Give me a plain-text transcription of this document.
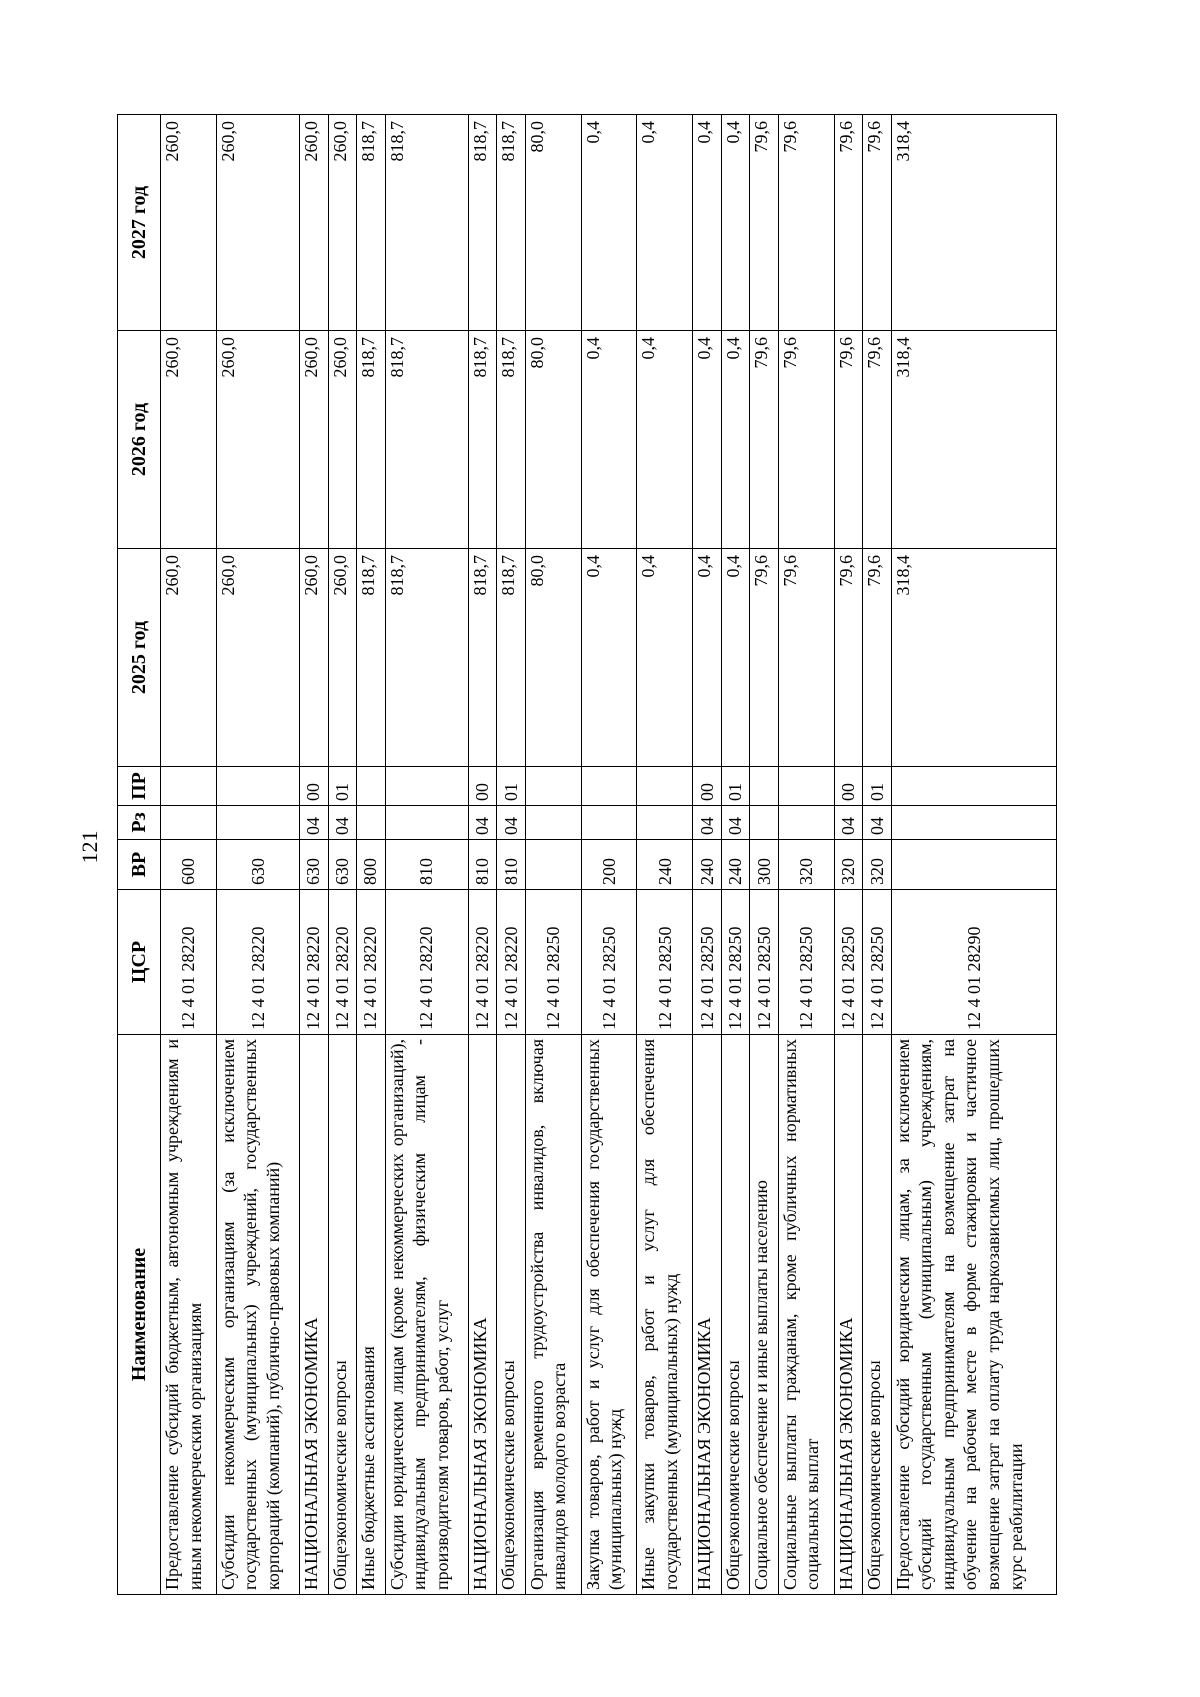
121
Наименование	ЦСР	ВР	Рз	ПР	2025 год	2026 год	2027 год
Предоставление субсидий бюджетным, автономным учреждениям и иным некоммерческим организациям	12 4 01 28220	600			260,0	260,0	260,0
Субсидии некоммерческим организациям (за исключением государственных (муниципальных) учреждений, государственных корпораций (компаний), публично-правовых компаний)	12 4 01 28220	630			260,0	260,0	260,0
НАЦИОНАЛЬНАЯ ЭКОНОМИКА	12 4 01 28220	630	04	00	260,0	260,0	260,0
Общеэкономические вопросы	12 4 01 28220	630	04	01	260,0	260,0	260,0
Иные бюджетные ассигнования	12 4 01 28220	800			818,7	818,7	818,7
Субсидии юридическим лицам (кроме некоммерческих организаций), индивидуальным предпринимателям, физическим лицам - производителям товаров, работ, услуг	12 4 01 28220	810			818,7	818,7	818,7
НАЦИОНАЛЬНАЯ ЭКОНОМИКА	12 4 01 28220	810	04	00	818,7	818,7	818,7
Общеэкономические вопросы	12 4 01 28220	810	04	01	818,7	818,7	818,7
Организация временного трудоустройства инвалидов, включая инвалидов молодого возраста	12 4 01 28250				80,0	80,0	80,0
Закупка товаров, работ и услуг для обеспечения государственных (муниципальных) нужд	12 4 01 28250	200			0,4	0,4	0,4
Иные закупки товаров, работ и услуг для обеспечения государственных (муниципальных) нужд	12 4 01 28250	240			0,4	0,4	0,4
НАЦИОНАЛЬНАЯ ЭКОНОМИКА	12 4 01 28250	240	04	00	0,4	0,4	0,4
Общеэкономические вопросы	12 4 01 28250	240	04	01	0,4	0,4	0,4
Социальное обеспечение и иные выплаты населению	12 4 01 28250	300			79,6	79,6	79,6
Социальные выплаты гражданам, кроме публичных нормативных социальных выплат	12 4 01 28250	320			79,6	79,6	79,6
НАЦИОНАЛЬНАЯ ЭКОНОМИКА	12 4 01 28250	320	04	00	79,6	79,6	79,6
Общеэкономические вопросы	12 4 01 28250	320	04	01	79,6	79,6	79,6
Предоставление субсидий юридическим лицам, за исключением субсидий государственным (муниципальным) учреждениям, индивидуальным предпринимателям на возмещение затрат на обучение на рабочем месте в форме стажировки и частичное возмещение затрат на оплату труда наркозависимых лиц, прошедших курс реабилитации	12 4 01 28290				318,4	318,4	318,4
